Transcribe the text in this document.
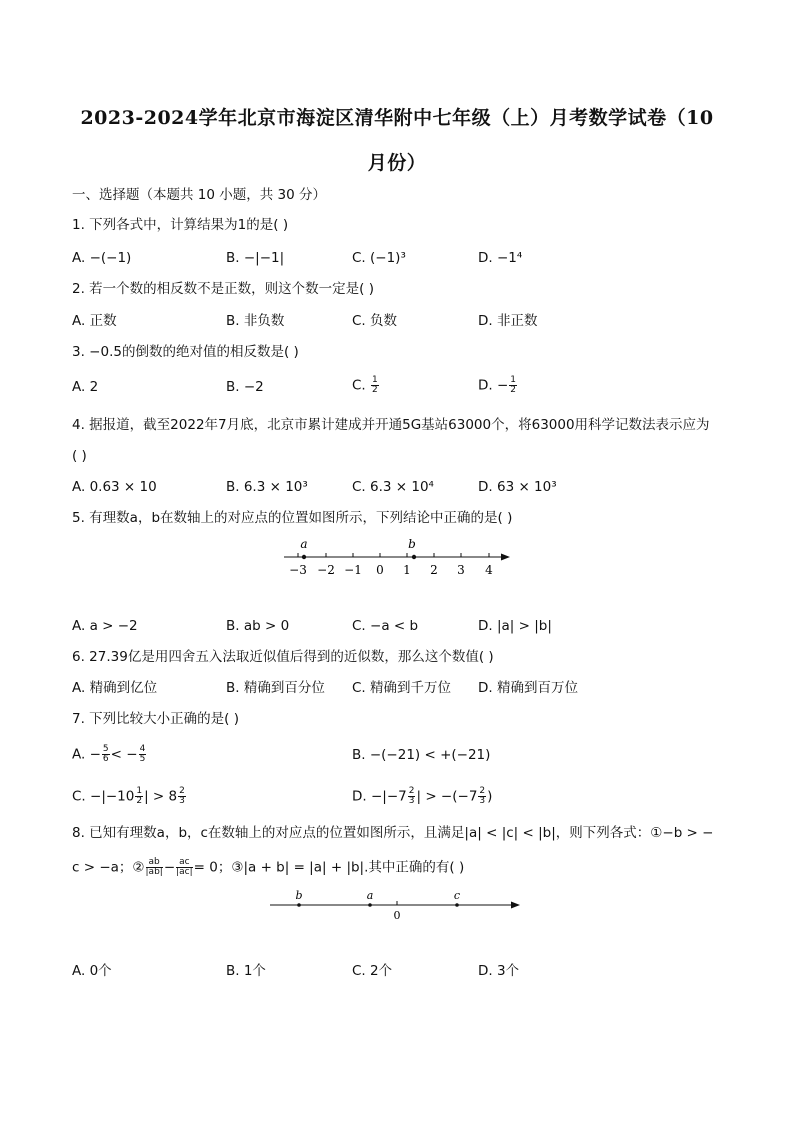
2023-2024学年北京市海淀区清华附中七年级（上）月考数学试卷（10
月份）
一、选择题（本题共 10 小题，共 30 分）
1. 下列各式中，计算结果为1的是( )
A. −(−1)	B. −|−1|	C. (−1)³	D. −1⁴
2. 若一个数的相反数不是正数，则这个数一定是( )
A. 正数	B. 非负数	C. 负数	D. 非正数
3. −0.5的倒数的绝对值的相反数是( )
A. 2	B. −2	C. $\frac{1}{2}$	D. − $\frac{1}{2}$
4. 据报道，截至2022年7月底，北京市累计建成并开通5G基站63000个，将63000用科学记数法表示应为
( )
A. 0.63 × 10	B. 6.3 × 10³	C. 6.3 × 10⁴	D. 63 × 10³
5. 有理数a，b在数轴上的对应点的位置如图所示，下列结论中正确的是( )
a	b
−3 −2 −1 0 1 2 3 4
A. a > −2	B. ab > 0	C. −a < b	D. |a| > |b|
6. 27.39亿是用四舍五入法取近似值后得到的近似数，那么这个数值( )
A. 精确到亿位	B. 精确到百分位 C. 精确到千万位 D. 精确到百万位
7. 下列比较大小正确的是( )
A. − $\frac{5}{6}$ < − $\frac{4}{5}$	B. −(−21) < +(−21)
C. $-|-10 \frac{1}{2}$ | > $8 \frac{2}{3}$	D. $-|-7 \frac{2}{3}$ | > $-(-7 \frac{2}{3}$ )
8. 已知有理数a，b，c在数轴上的对应点的位置如图所示，且满足|a| < |c| < |b|，则下列各式：①−b > −
c > −a；② $\frac{ab}{|ab|} - \frac{ac}{|ac|} = 0$；③|a + b| = |a| + |b|.其中正确的有( )
b	a	c
0
A. 0个	B. 1个	C. 2个	D. 3个
